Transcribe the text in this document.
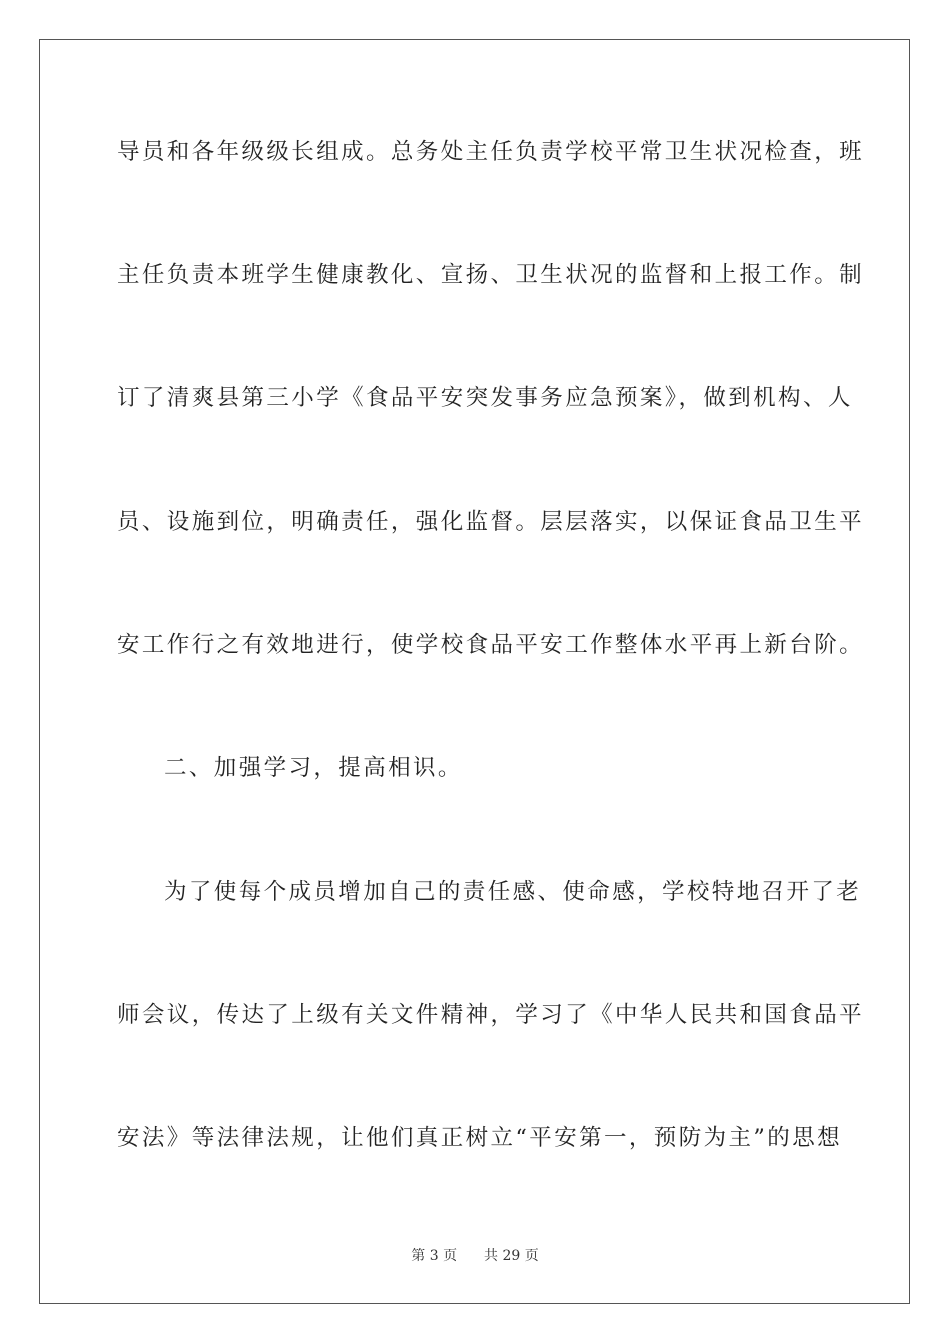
导员和各年级级长组成。总务处主任负责学校平常卫生状况检查，班
主任负责本班学生健康教化、宣扬、卫生状况的监督和上报工作。制
订了清爽县第三小学《食品平安突发事务应急预案》，做到机构、人
员、设施到位，明确责任，强化监督。层层落实，以保证食品卫生平
安工作行之有效地进行，使学校食品平安工作整体水平再上新台阶。
二、加强学习，提高相识。
为了使每个成员增加自己的责任感、使命感，学校特地召开了老
师会议，传达了上级有关文件精神，学习了《中华人民共和国食品平
安法》等法律法规，让他们真正树立“平安第一，预防为主”的思想
第 3 页 共 29 页
